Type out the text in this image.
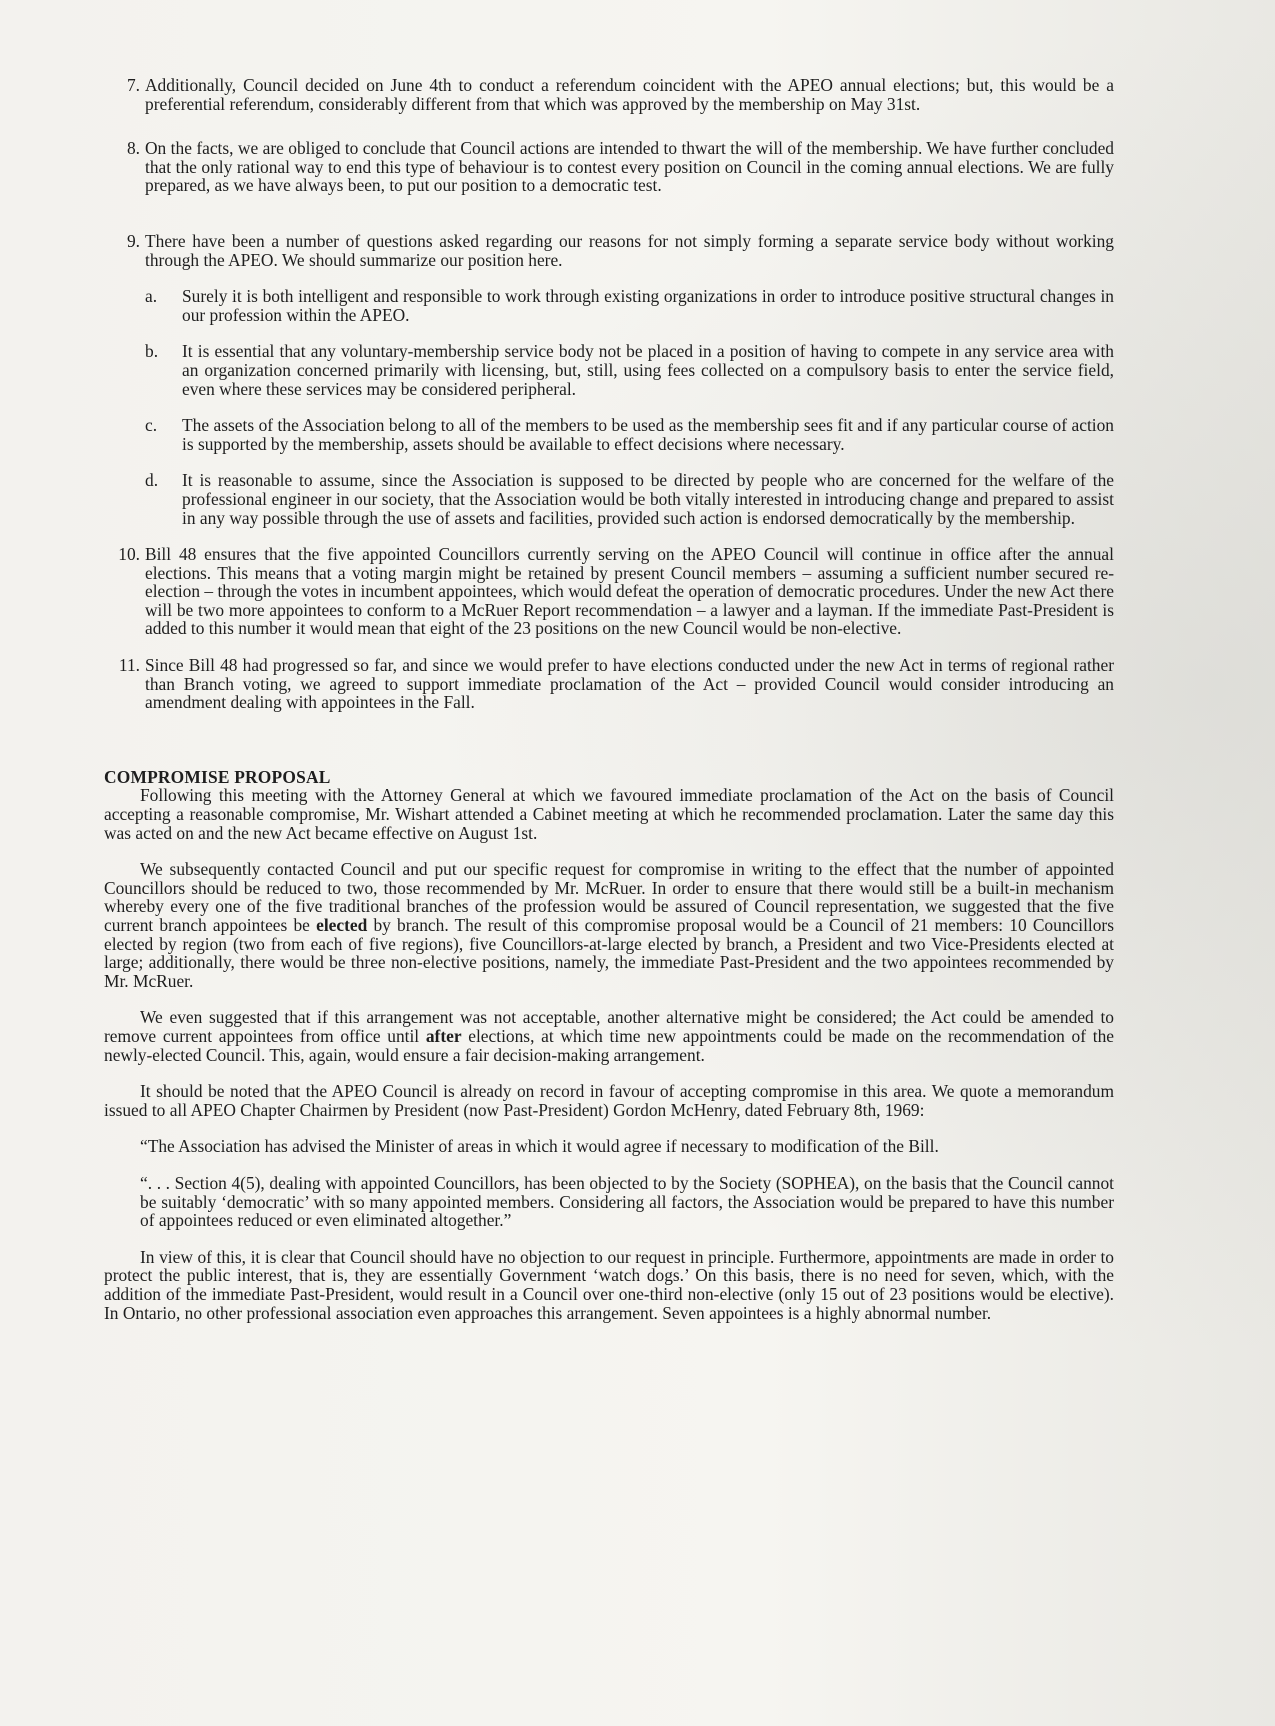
7. Additionally, Council decided on June 4th to conduct a referendum coincident with the APEO annual elections; but, this would be a preferential referendum, considerably different from that which was approved by the membership on May 31st.
8. On the facts, we are obliged to conclude that Council actions are intended to thwart the will of the membership. We have further concluded that the only rational way to end this type of behaviour is to contest every position on Council in the coming annual elections. We are fully prepared, as we have always been, to put our position to a democratic test.
9. There have been a number of questions asked regarding our reasons for not simply forming a separate service body without working through the APEO. We should summarize our position here.
a. Surely it is both intelligent and responsible to work through existing organizations in order to introduce positive structural changes in our profession within the APEO.
b. It is essential that any voluntary-membership service body not be placed in a position of having to compete in any service area with an organization concerned primarily with licensing, but, still, using fees collected on a compulsory basis to enter the service field, even where these services may be considered peripheral.
c. The assets of the Association belong to all of the members to be used as the membership sees fit and if any particular course of action is supported by the membership, assets should be available to effect decisions where necessary.
d. It is reasonable to assume, since the Association is supposed to be directed by people who are concerned for the welfare of the professional engineer in our society, that the Association would be both vitally interested in introducing change and prepared to assist in any way possible through the use of assets and facilities, provided such action is endorsed democratically by the membership.
10. Bill 48 ensures that the five appointed Councillors currently serving on the APEO Council will continue in office after the annual elections. This means that a voting margin might be retained by present Council members – assuming a sufficient number secured re-election – through the votes in incumbent appointees, which would defeat the operation of democratic procedures. Under the new Act there will be two more appointees to conform to a McRuer Report recommendation – a lawyer and a layman. If the immediate Past-President is added to this number it would mean that eight of the 23 positions on the new Council would be non-elective.
11. Since Bill 48 had progressed so far, and since we would prefer to have elections conducted under the new Act in terms of regional rather than Branch voting, we agreed to support immediate proclamation of the Act – provided Council would consider introducing an amendment dealing with appointees in the Fall.
COMPROMISE PROPOSAL
Following this meeting with the Attorney General at which we favoured immediate proclamation of the Act on the basis of Council accepting a reasonable compromise, Mr. Wishart attended a Cabinet meeting at which he recommended proclamation. Later the same day this was acted on and the new Act became effective on August 1st.
We subsequently contacted Council and put our specific request for compromise in writing to the effect that the number of appointed Councillors should be reduced to two, those recommended by Mr. McRuer. In order to ensure that there would still be a built-in mechanism whereby every one of the five traditional branches of the profession would be assured of Council representation, we suggested that the five current branch appointees be elected by branch. The result of this compromise proposal would be a Council of 21 members: 10 Councillors elected by region (two from each of five regions), five Councillors-at-large elected by branch, a President and two Vice-Presidents elected at large; additionally, there would be three non-elective positions, namely, the immediate Past-President and the two appointees recommended by Mr. McRuer.
We even suggested that if this arrangement was not acceptable, another alternative might be considered; the Act could be amended to remove current appointees from office until after elections, at which time new appointments could be made on the recommendation of the newly-elected Council. This, again, would ensure a fair decision-making arrangement.
It should be noted that the APEO Council is already on record in favour of accepting compromise in this area. We quote a memorandum issued to all APEO Chapter Chairmen by President (now Past-President) Gordon McHenry, dated February 8th, 1969:
“The Association has advised the Minister of areas in which it would agree if necessary to modification of the Bill.
“. . . Section 4(5), dealing with appointed Councillors, has been objected to by the Society (SOPHEA), on the basis that the Council cannot be suitably ‘democratic’ with so many appointed members. Considering all factors, the Association would be prepared to have this number of appointees reduced or even eliminated altogether.”
In view of this, it is clear that Council should have no objection to our request in principle. Furthermore, appointments are made in order to protect the public interest, that is, they are essentially Government ‘watch dogs.’ On this basis, there is no need for seven, which, with the addition of the immediate Past-President, would result in a Council over one-third non-elective (only 15 out of 23 positions would be elective). In Ontario, no other professional association even approaches this arrangement. Seven appointees is a highly abnormal number.
